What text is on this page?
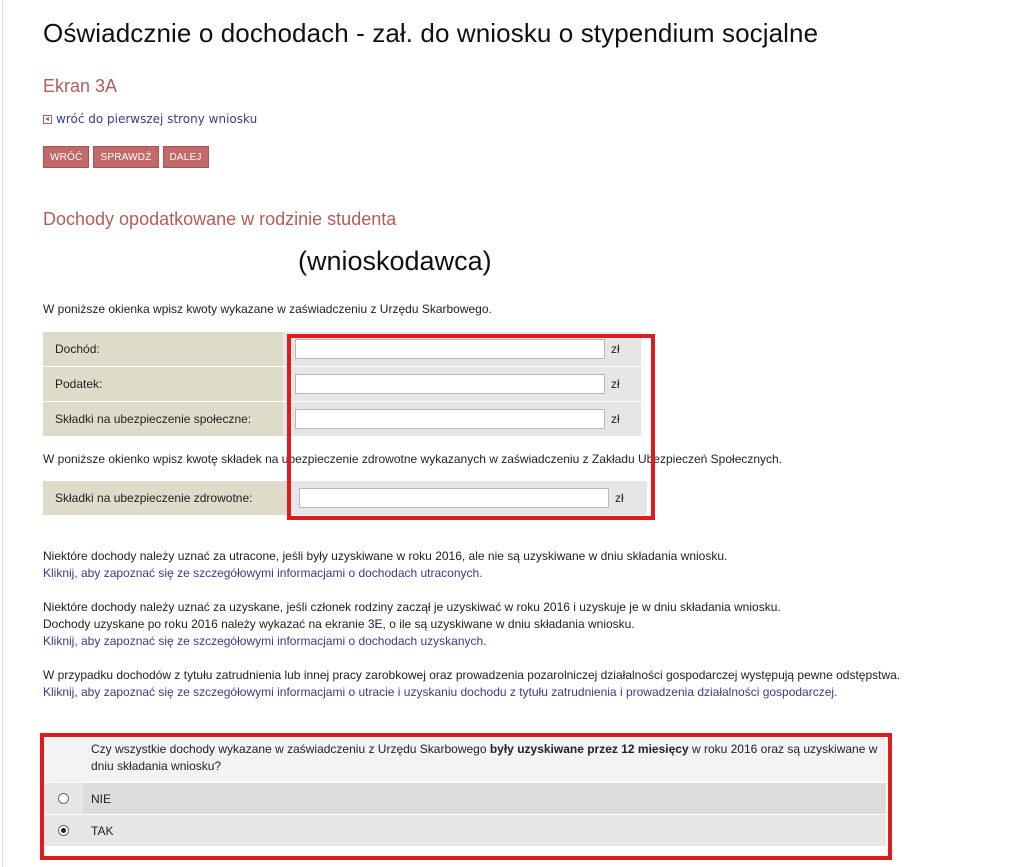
Oświadcznie o dochodach - zał. do wniosku o stypendium socjalne
Ekran 3A
wróć do pierwszej strony wniosku
WRÓĆ	SPRAWDŹ	DALEJ
Dochody opodatkowane w rodzinie studenta
(wnioskodawca)
W poniższe okienka wpisz kwoty wykazane w zaświadczeniu z Urzędu Skarbowego.
Dochód:	zł
Podatek:	zł
Składki na ubezpieczenie społeczne:	zł
W poniższe okienko wpisz kwotę składek na ubezpieczenie zdrowotne wykazanych w zaświadczeniu z Zakładu Ubezpieczeń Społecznych.
Składki na ubezpieczenie zdrowotne:	zł
Niektóre dochody należy uznać za utracone, jeśli były uzyskiwane w roku 2016, ale nie są uzyskiwane w dniu składania wniosku.
Kliknij, aby zapoznać się ze szczegółowymi informacjami o dochodach utraconych.
Niektóre dochody należy uznać za uzyskane, jeśli członek rodziny zaczął je uzyskiwać w roku 2016 i uzyskuje je w dniu składania wniosku.
Dochody uzyskane po roku 2016 należy wykazać na ekranie 3E, o ile są uzyskiwane w dniu składania wniosku.
Kliknij, aby zapoznać się ze szczegółowymi informacjami o dochodach uzyskanych.
W przypadku dochodów z tytułu zatrudnienia lub innej pracy zarobkowej oraz prowadzenia pozarolniczej działalności gospodarczej występują pewne odstępstwa.
Kliknij, aby zapoznać się ze szczegółowymi informacjami o utracie i uzyskaniu dochodu z tytułu zatrudnienia i prowadzenia działalności gospodarczej.
Czy wszystkie dochody wykazane w zaświadczeniu z Urzędu Skarbowego były uzyskiwane przez 12 miesięcy w roku 2016 oraz są uzyskiwane w dniu składania wniosku?
NIE
TAK
